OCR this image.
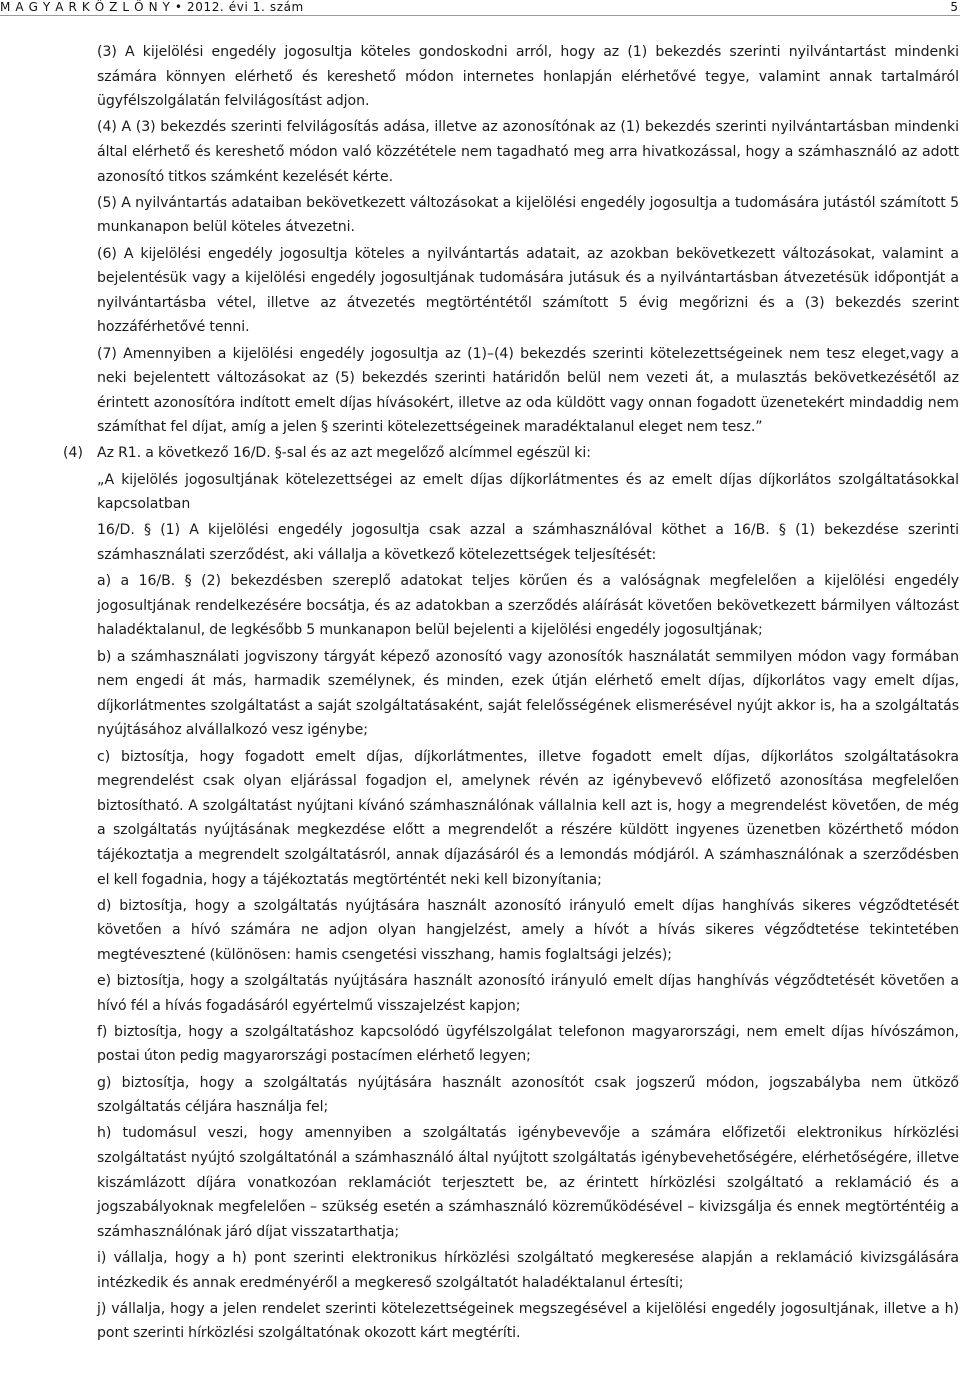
M A G Y A R K Ö Z L Ö N Y • 2012. évi 1. szám	5

(3) A kijelölési engedély jogosultja köteles gondoskodni arról, hogy az (1) bekezdés szerinti nyilvántartást mindenki számára könnyen elérhető és kereshető módon internetes honlapján elérhetővé tegye, valamint annak tartalmáról ügyfélszolgálatán felvilágosítást adjon.

(4) A (3) bekezdés szerinti felvilágosítás adása, illetve az azonosítónak az (1) bekezdés szerinti nyilvántartásban mindenki által elérhető és kereshető módon való közzététele nem tagadható meg arra hivatkozással, hogy a számhasználó az adott azonosító titkos számként kezelését kérte.

(5) A nyilvántartás adataiban bekövetkezett változásokat a kijelölési engedély jogosultja a tudomására jutástól számított 5 munkanapon belül köteles átvezetni.

(6) A kijelölési engedély jogosultja köteles a nyilvántartás adatait, az azokban bekövetkezett változásokat, valamint a bejelentésük vagy a kijelölési engedély jogosultjának tudomására jutásuk és a nyilvántartásban átvezetésük időpontját a nyilvántartásba vétel, illetve az átvezetés megtörténtétől számított 5 évig megőrizni és a (3) bekezdés szerint hozzáférhetővé tenni.

(7) Amennyiben a kijelölési engedély jogosultja az (1)–(4) bekezdés szerinti kötelezettségeinek nem tesz eleget,vagy a neki bejelentett változásokat az (5) bekezdés szerinti határidőn belül nem vezeti át, a mulasztás bekövetkezésétől az érintett azonosítóra indított emelt díjas hívásokért, illetve az oda küldött vagy onnan fogadott üzenetekért mindaddig nem számíthat fel díjat, amíg a jelen § szerinti kötelezettségeinek maradéktalanul eleget nem tesz.”

(4) Az R1. a következő 16/D. §-sal és az azt megelőző alcímmel egészül ki:

„A kijelölés jogosultjának kötelezettségei az emelt díjas díjkorlátmentes és az emelt díjas díjkorlátos szolgáltatásokkal kapcsolatban

16/D. § (1) A kijelölési engedély jogosultja csak azzal a számhasználóval köthet a 16/B. § (1) bekezdése szerinti számhasználati szerződést, aki vállalja a következő kötelezettségek teljesítését:

a) a 16/B. § (2) bekezdésben szereplő adatokat teljes körűen és a valóságnak megfelelően a kijelölési engedély jogosultjának rendelkezésére bocsátja, és az adatokban a szerződés aláírását követően bekövetkezett bármilyen változást haladéktalanul, de legkésőbb 5 munkanapon belül bejelenti a kijelölési engedély jogosultjának;

b) a számhasználati jogviszony tárgyát képező azonosító vagy azonosítók használatát semmilyen módon vagy formában nem engedi át más, harmadik személynek, és minden, ezek útján elérhető emelt díjas, díjkorlátos vagy emelt díjas, díjkorlátmentes szolgáltatást a saját szolgáltatásaként, saját felelősségének elismerésével nyújt akkor is, ha a szolgáltatás nyújtásához alvállalkozó vesz igénybe;

c) biztosítja, hogy fogadott emelt díjas, díjkorlátmentes, illetve fogadott emelt díjas, díjkorlátos szolgáltatásokra megrendelést csak olyan eljárással fogadjon el, amelynek révén az igénybevevő előfizető azonosítása megfelelően biztosítható. A szolgáltatást nyújtani kívánó számhasználónak vállalnia kell azt is, hogy a megrendelést követően, de még a szolgáltatás nyújtásának megkezdése előtt a megrendelőt a részére küldött ingyenes üzenetben közérthető módon tájékoztatja a megrendelt szolgáltatásról, annak díjazásáról és a lemondás módjáról. A számhasználónak a szerződésben el kell fogadnia, hogy a tájékoztatás megtörténtét neki kell bizonyítania;

d) biztosítja, hogy a szolgáltatás nyújtására használt azonosító irányuló emelt díjas hanghívás sikeres végződtetését követően a hívó számára ne adjon olyan hangjelzést, amely a hívót a hívás sikeres végződtetése tekintetében megtévesztené (különösen: hamis csengetési visszhang, hamis foglaltsági jelzés);

e) biztosítja, hogy a szolgáltatás nyújtására használt azonosító irányuló emelt díjas hanghívás végződtetését követően a hívó fél a hívás fogadásáról egyértelmű visszajelzést kapjon;

f) biztosítja, hogy a szolgáltatáshoz kapcsolódó ügyfélszolgálat telefonon magyarországi, nem emelt díjas hívószámon, postai úton pedig magyarországi postacímen elérhető legyen;

g) biztosítja, hogy a szolgáltatás nyújtására használt azonosítót csak jogszerű módon, jogszabályba nem ütköző szolgáltatás céljára használja fel;

h) tudomásul veszi, hogy amennyiben a szolgáltatás igénybevevője a számára előfizetői elektronikus hírközlési szolgáltatást nyújtó szolgáltatónál a számhasználó által nyújtott szolgáltatás igénybevehetőségére, elérhetőségére, illetve kiszámlázott díjára vonatkozóan reklamációt terjesztett be, az érintett hírközlési szolgáltató a reklamáció és a jogszabályoknak megfelelően – szükség esetén a számhasználó közreműködésével – kivizsgálja és ennek megtörténtéig a számhasználónak járó díjat visszatarthatja;

i) vállalja, hogy a h) pont szerinti elektronikus hírközlési szolgáltató megkeresése alapján a reklamáció kivizsgálására intézkedik és annak eredményéről a megkereső szolgáltatót haladéktalanul értesíti;

j) vállalja, hogy a jelen rendelet szerinti kötelezettségeinek megszegésével a kijelölési engedély jogosultjának, illetve a h) pont szerinti hírközlési szolgáltatónak okozott kárt megtéríti.
